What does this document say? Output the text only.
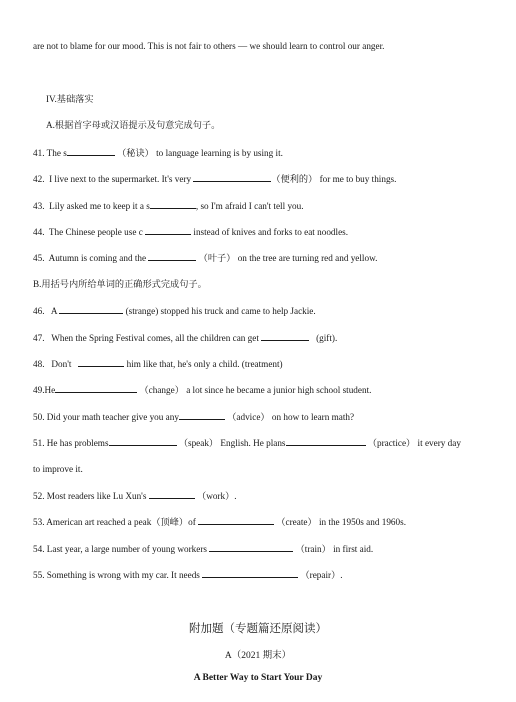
are not to blame for our mood. This is not fair to others — we should learn to control our anger.
IV.基础落实
A.根据首字母或汉语提示及句意完成句子。
41. The s	（秘诀） to language learning is by using it.
42. I live next to the supermarket. It's very	（便利的） for me to buy things.
43. Lily asked me to keep it a s	, so I'm afraid I can't tell you.
44. The Chinese people use c	instead of knives and forks to eat noodles.
45. Autumn is coming and the	（叶子） on the tree are turning red and yellow.
B.用括号内所给单词的正确形式完成句子。
46. A	(strange) stopped his truck and came to help Jackie.
47. When the Spring Festival comes, all the children can get	(gift).
48. Don't	him like that, he's only a child. (treatment)
49.He	（change） a lot since he became a junior high school student.
50. Did your math teacher give you any	（advice） on how to learn math?
51. He has problems	（speak） English. He plans	（practice） it every day
to improve it.
52. Most readers like Lu Xun's	（work）.
53. American art reached a peak（顶峰）of	（create） in the 1950s and 1960s.
54. Last year, a large number of young workers	（train） in first aid.
55. Something is wrong with my car. It needs	（repair）.
附加题（专题篇还原阅读）
A（2021 期末）
A Better Way to Start Your Day
